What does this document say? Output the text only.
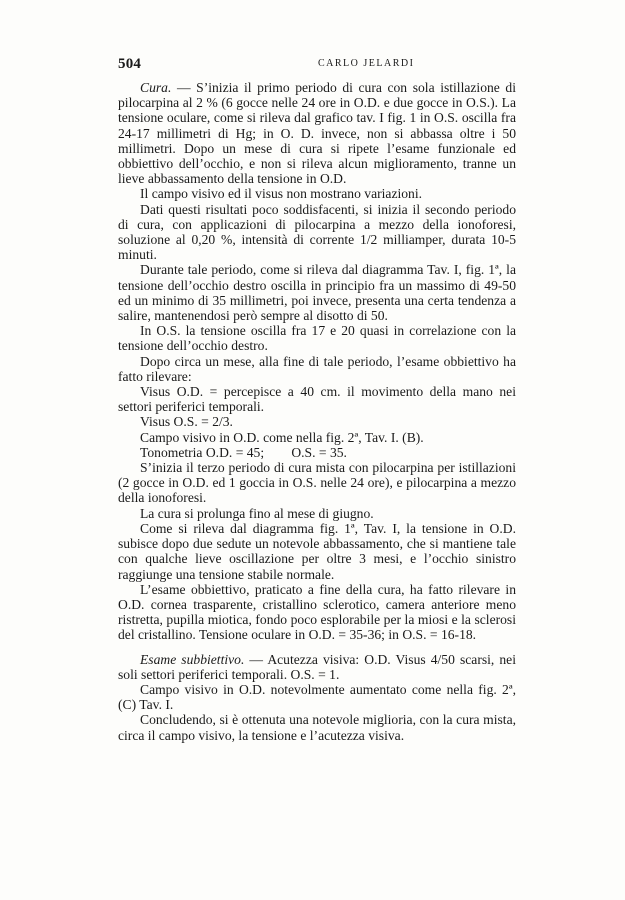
504	CARLO JELARDI

Cura. — S’inizia il primo periodo di cura con sola istillazione di pilocarpina al 2 % (6 gocce nelle 24 ore in O.D. e due gocce in O.S.). La tensione oculare, come si rileva dal grafico tav. I fig. 1 in O.S. oscilla fra 24-17 millimetri di Hg; in O. D. invece, non si abbassa oltre i 50 millimetri. Dopo un mese di cura si ripete l’esame funzionale ed obbiettivo dell’occhio, e non si rileva alcun miglioramento, tranne un lieve abbassamento della tensione in O.D.

Il campo visivo ed il visus non mostrano variazioni.

Dati questi risultati poco soddisfacenti, si inizia il secondo periodo di cura, con applicazioni di pilocarpina a mezzo della ionoforesi, soluzione al 0,20 %, intensità di corrente 1/2 milliamper, durata 10-5 minuti.

Durante tale periodo, come si rileva dal diagramma Tav. I, fig. 1ª, la tensione dell’occhio destro oscilla in principio fra un massimo di 49-50 ed un minimo di 35 millimetri, poi invece, presenta una certa tendenza a salire, mantenendosi però sempre al disotto di 50.

In O.S. la tensione oscilla fra 17 e 20 quasi in correlazione con la tensione dell’occhio destro.

Dopo circa un mese, alla fine di tale periodo, l’esame obbiettivo ha fatto rilevare:

Visus O.D. = percepisce a 40 cm. il movimento della mano nei settori periferici temporali.

Visus O.S. = 2/3.

Campo visivo in O.D. come nella fig. 2ª, Tav. I. (B).

Tonometria O.D. = 45;        O.S. = 35.

S’inizia il terzo periodo di cura mista con pilocarpina per istillazioni (2 gocce in O.D. ed 1 goccia in O.S. nelle 24 ore), e pilocarpina a mezzo della ionoforesi.

La cura si prolunga fino al mese di giugno.

Come si rileva dal diagramma fig. 1ª, Tav. I, la tensione in O.D. subisce dopo due sedute un notevole abbassamento, che si mantiene tale con qualche lieve oscillazione per oltre 3 mesi, e l’occhio sinistro raggiunge una tensione stabile normale.

L’esame obbiettivo, praticato a fine della cura, ha fatto rilevare in O.D. cornea trasparente, cristallino sclerotico, camera anteriore meno ristretta, pupilla miotica, fondo poco esplorabile per la miosi e la sclerosi del cristallino. Tensione oculare in O.D. = 35-36; in O.S. = 16-18.

Esame subbiettivo. — Acutezza visiva: O.D. Visus 4/50 scarsi, nei soli settori periferici temporali. O.S. = 1.

Campo visivo in O.D. notevolmente aumentato come nella fig. 2ª, (C) Tav. I.

Concludendo, si è ottenuta una notevole miglioria, con la cura mista, circa il campo visivo, la tensione e l’acutezza visiva.
